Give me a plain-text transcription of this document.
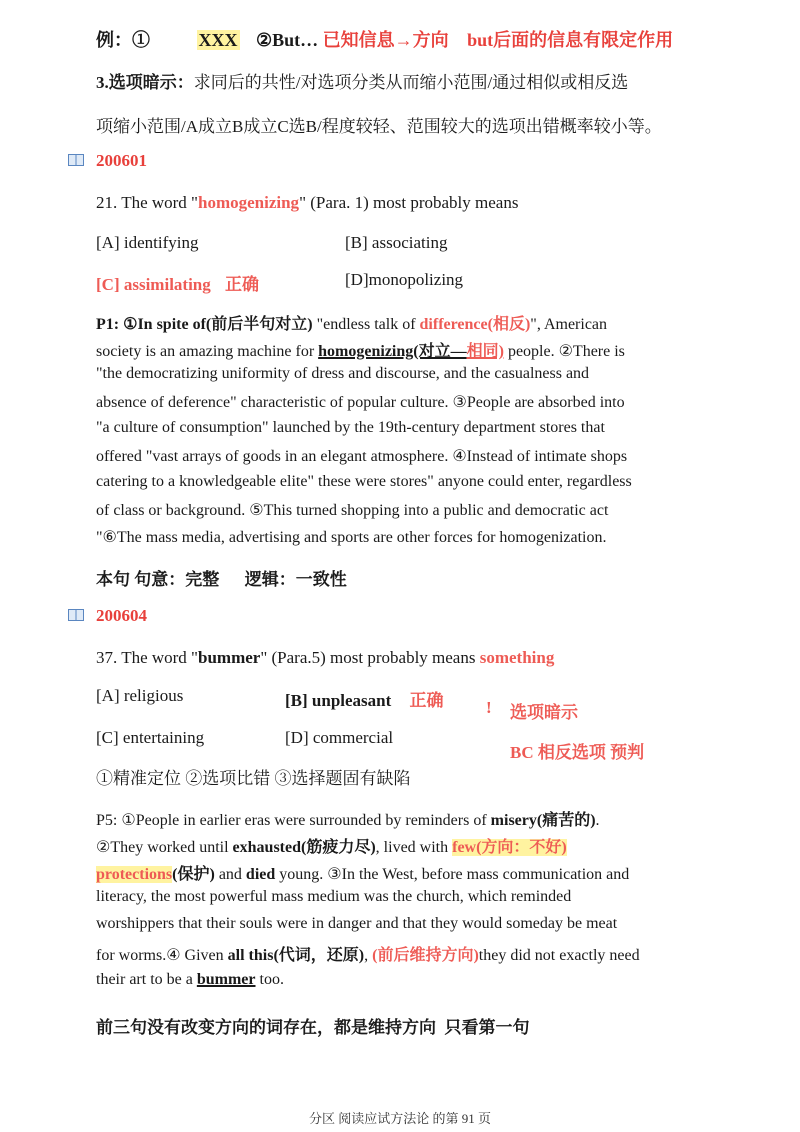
例：①	XXX ②But… 已知信息→方向 but后面的信息有限定作用
3.选项暗示：求同后的共性/对选项分类从而缩小范围/通过相似或相反选
项缩小范围/A成立B成立C选B/程度较轻、范围较大的选项出错概率较小等。
200601
21. The word "homogenizing" (Para. 1) most probably means
[A] identifying	[B] associating
[C] assimilating 正确	[D]monopolizing
P1: ①In spite of(前后半句对立) "endless talk of difference(相反)", American
society is an amazing machine for homogenizing(对立—相同) people. ②There is
"the democratizing uniformity of dress and discourse, and the casualness and
absence of deference" characteristic of popular culture. ③People are absorbed into
"a culture of consumption" launched by the 19th-century department stores that
offered "vast arrays of goods in an elegant atmosphere. ④Instead of intimate shops
catering to a knowledgeable elite" these were stores" anyone could enter, regardless
of class or background. ⑤This turned shopping into a public and democratic act
"⑥The mass media, advertising and sports are other forces for homogenization.
本句 句意：完整      逻辑：一致性
200604
37. The word "bummer" (Para.5) most probably means something
[A] religious	[B] unpleasant 正确 ! 选项暗示
[C] entertaining	[D] commercial
BC 相反选项 预判
①精准定位 ②选项比错 ③选择题固有缺陷
P5: ①People in earlier eras were surrounded by reminders of misery(痛苦的).
②They worked until exhausted(筋疲力尽), lived with few(方向：不好)
protections(保护) and died young. ③In the West, before mass communication and
literacy, the most powerful mass medium was the church, which reminded
worshippers that their souls were in danger and that they would someday be meat
for worms.④ Given all this(代词，还原), (前后维持方向)they did not exactly need
their art to be a bummer too.
前三句没有改变方向的词存在，都是维持方向  只看第一句
分区 阅读应试方法论 的第 91 页
